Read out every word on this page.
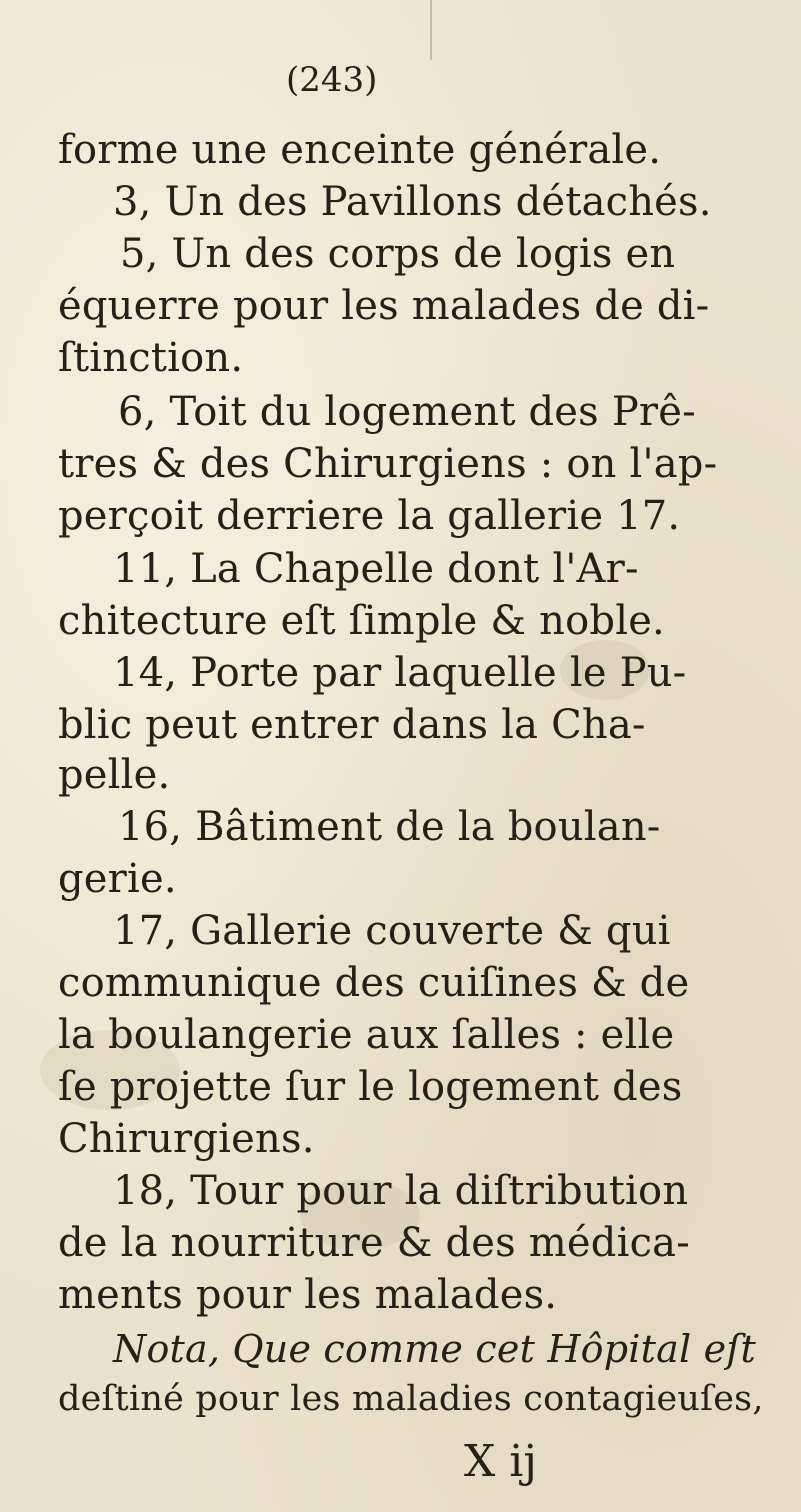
(243)
forme une enceinte générale.
3, Un des Pavillons détachés.
5, Un des corps de logis en
équerre pour les malades de di-
ſtinction.
6, Toit du logement des Prê-
tres & des Chirurgiens : on l'ap-
perçoit derriere la gallerie 17.
11, La Chapelle dont l'Ar-
chitecture eſt ſimple & noble.
14, Porte par laquelle le Pu-
blic peut entrer dans la Cha-
pelle.
16, Bâtiment de la boulan-
gerie.
17, Gallerie couverte & qui
communique des cuiſines & de
la boulangerie aux ſalles : elle
ſe projette ſur le logement des
Chirurgiens.
18, Tour pour la diſtribution
de la nourriture & des médica-
ments pour les malades.
Nota, Que comme cet Hôpital eſt
deſtiné pour les maladies contagieuſes,
X ij
